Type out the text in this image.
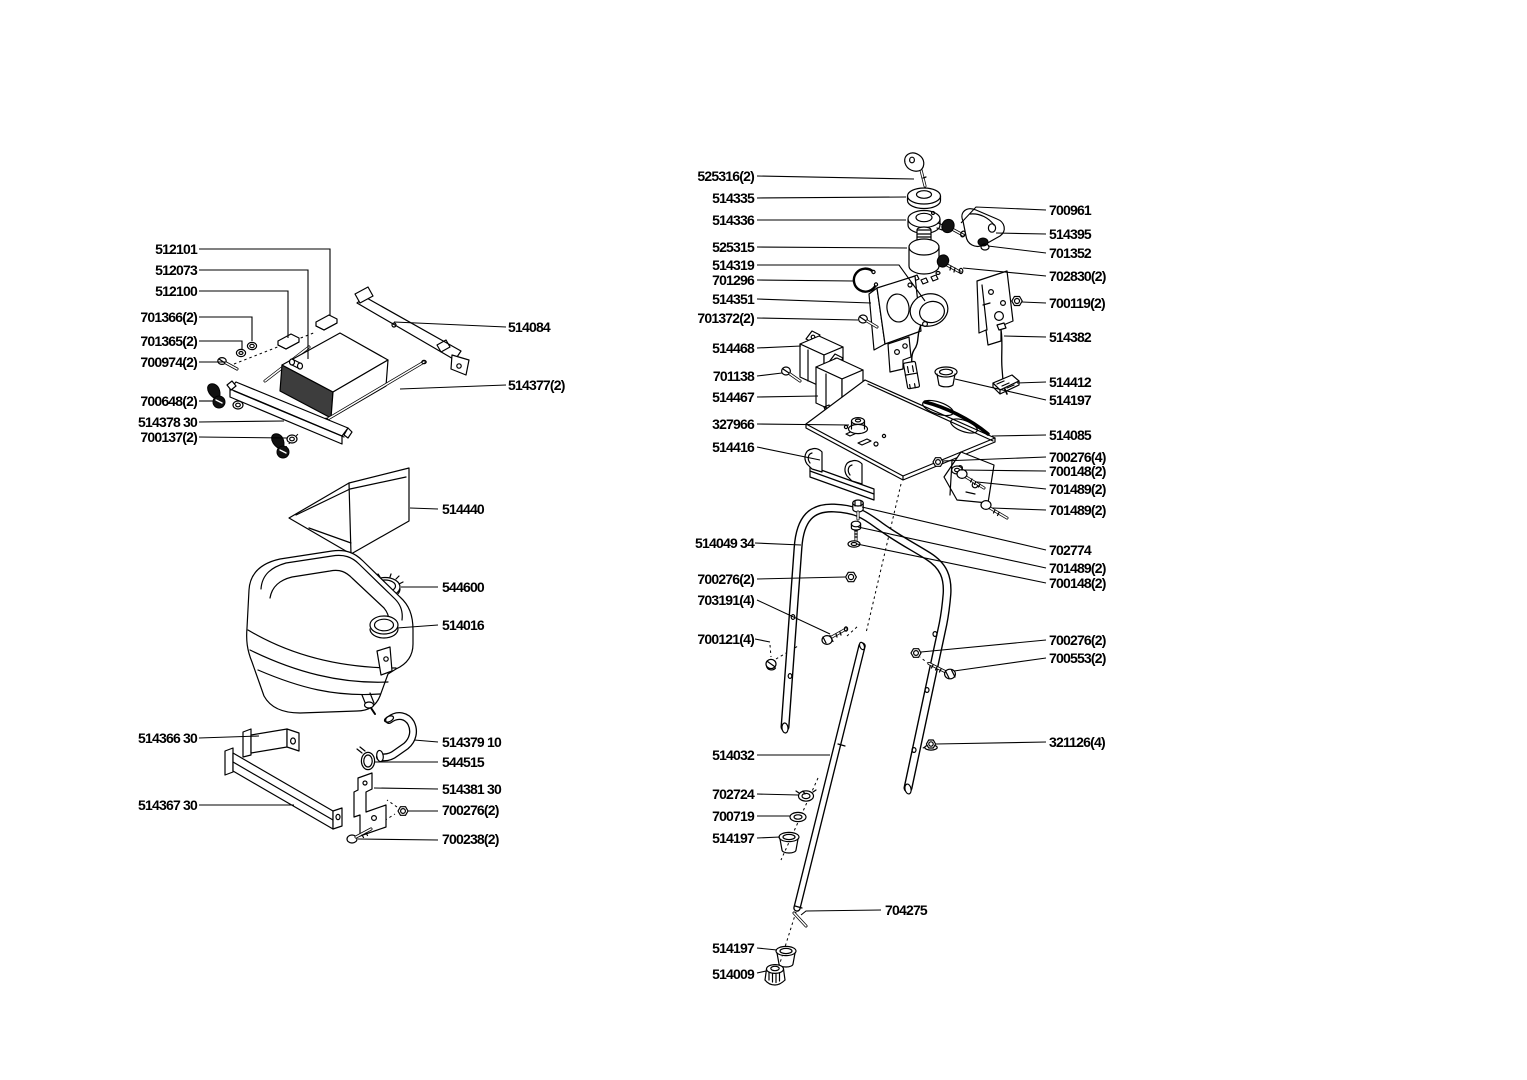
512101
512073
512100
701366(2)
701365(2)
700974(2)
700648(2)
514378 30
700137(2)
514366 30
514367 30
514084
514377(2)
514440
544600
514016
514379 10
544515
514381 30
700276(2)
700238(2)
525316(2)
514335
514336
525315
514319
701296
514351
701372(2)
514468
701138
514467
327966
514416
514049 34
700276(2)
703191(4)
700121(4)
514032
702724
700719
514197
514197
514009
704275
700961
514395
701352
702830(2)
700119(2)
514382
514412
514197
514085
700276(4)
700148(2)
701489(2)
701489(2)
702774
701489(2)
700148(2)
700276(2)
700553(2)
321126(4)
